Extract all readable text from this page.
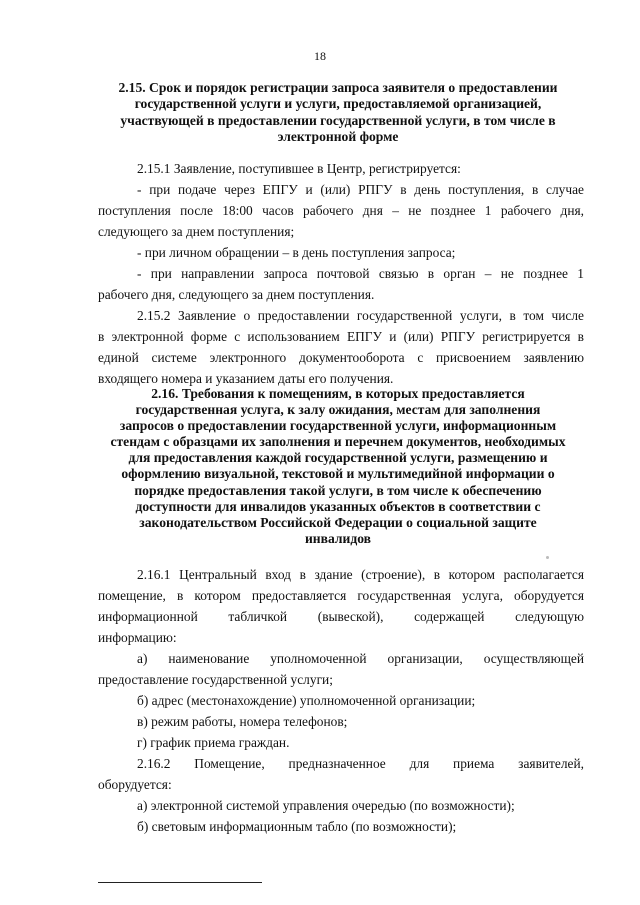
18
2.15. Срок и порядок регистрации запроса заявителя о предоставлении
государственной услуги и услуги, предоставляемой организацией,
участвующей в предоставлении государственной услуги, в том числе в
электронной форме
2.15.1 Заявление, поступившее в Центр, регистрируется:
- при подаче через ЕПГУ и (или) РПГУ в день поступления, в случае
поступления после 18:00 часов рабочего дня – не позднее 1 рабочего дня,
следующего за днем поступления;
- при личном обращении – в день поступления запроса;
- при направлении запроса почтовой связью в орган – не позднее 1
рабочего дня, следующего за днем поступления.
2.15.2 Заявление о предоставлении государственной услуги, в том числе
в электронной форме с использованием ЕПГУ и (или) РПГУ регистрируется в
единой системе электронного документооборота с присвоением заявлению
входящего номера и указанием даты его получения.
2.16. Требования к помещениям, в которых предоставляется
государственная услуга, к залу ожидания, местам для заполнения
запросов о предоставлении государственной услуги, информационным
стендам с образцами их заполнения и перечнем документов, необходимых
для предоставления каждой государственной услуги, размещению и
оформлению визуальной, текстовой и мультимедийной информации о
порядке предоставления такой услуги, в том числе к обеспечению
доступности для инвалидов указанных объектов в соответствии с
законодательством Российской Федерации о социальной защите
инвалидов
2.16.1 Центральный вход в здание (строение), в котором располагается
помещение, в котором предоставляется государственная услуга, оборудуется
информационной табличкой (вывеской), содержащей следующую
информацию:
а) наименование уполномоченной организации, осуществляющей
предоставление государственной услуги;
б) адрес (местонахождение) уполномоченной организации;
в) режим работы, номера телефонов;
г) график приема граждан.
2.16.2 Помещение, предназначенное для приема заявителей,
оборудуется:
а) электронной системой управления очередью (по возможности);
б) световым информационным табло (по возможности);
